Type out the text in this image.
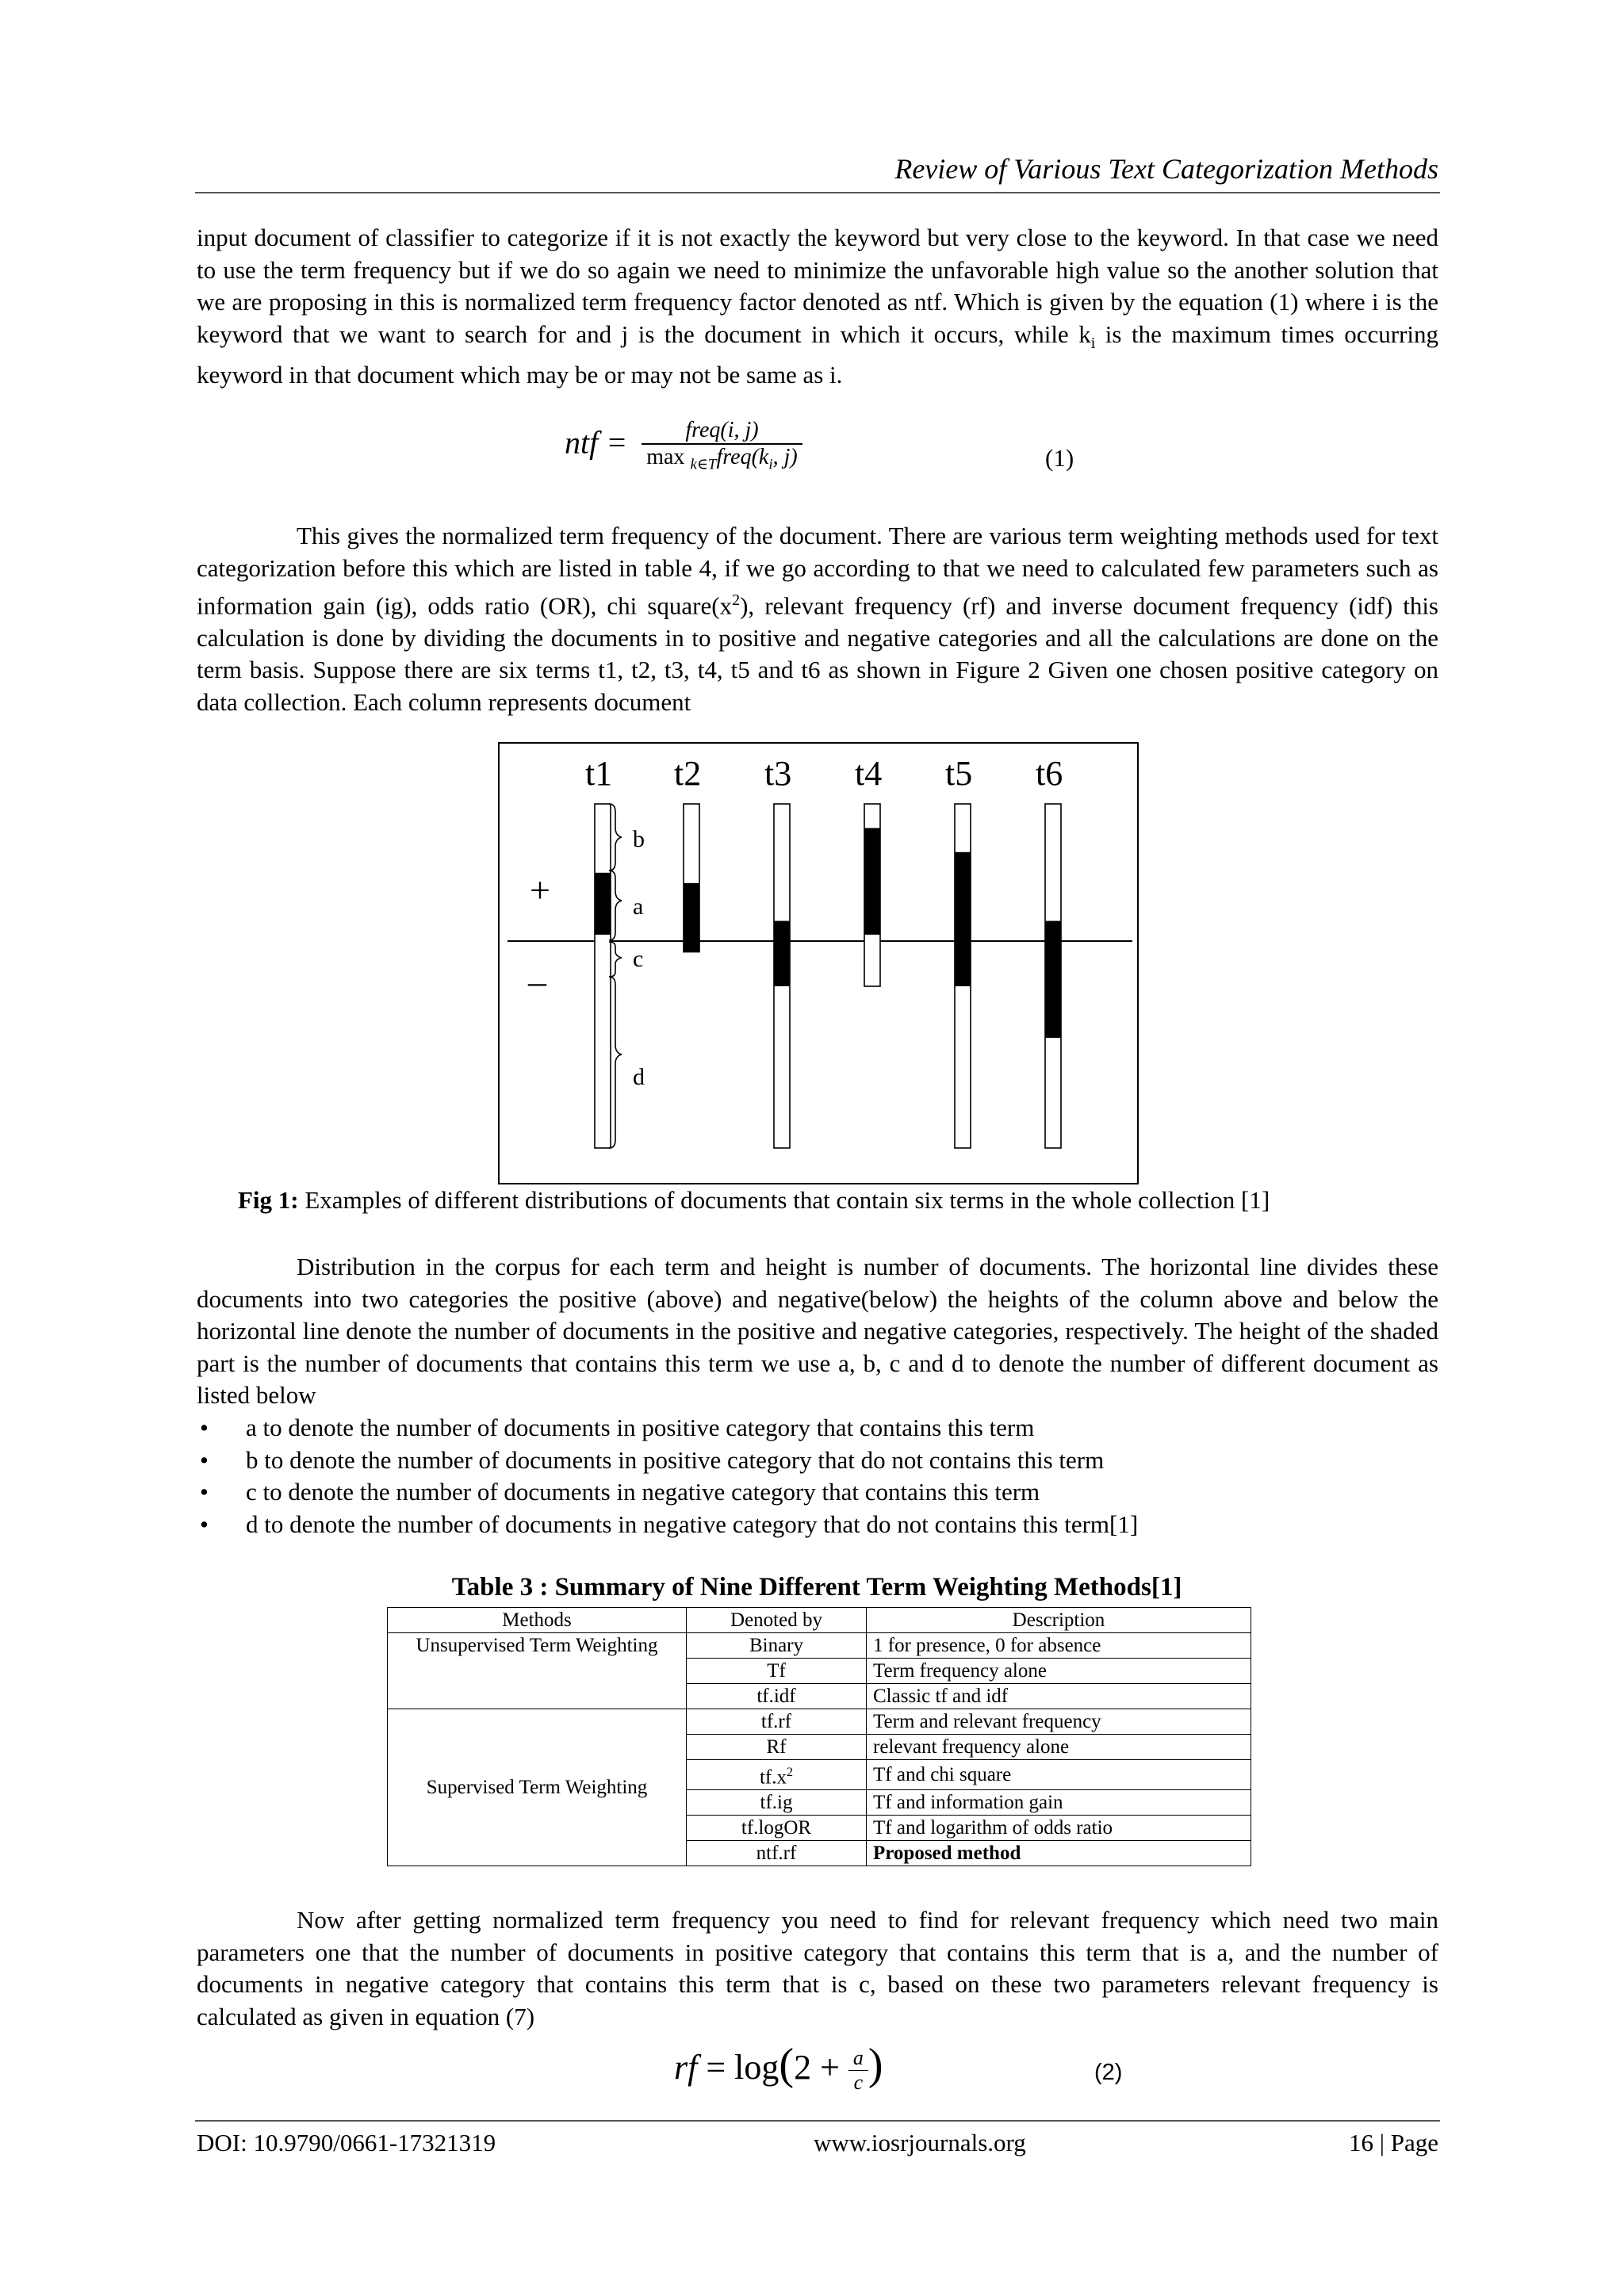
Review of Various Text Categorization Methods
input document of classifier to categorize if it is not exactly the keyword but very close to the keyword. In that case we need to use the term frequency but if we do so again we need to minimize the unfavorable high value so the another solution that we are proposing in this is normalized term frequency factor denoted as ntf. Which is given by the equation (1) where i is the keyword that we want to search for and j is the document in which it occurs, while $k_i$ is the maximum times occurring keyword in that document which may be or may not be same as i.
ntf = $\frac{\text{freq(i, j)}}{\max _{k\in T}freq(k_i, j)}$	(1)
This gives the normalized term frequency of the document. There are various term weighting methods used for text categorization before this which are listed in table 4, if we go according to that we need to calculated few parameters such as information gain (ig), odds ratio (OR), chi $square(x^2)$, relevant frequency (rf) and inverse document frequency (idf) this calculation is done by dividing the documents in to positive and negative categories and all the calculations are done on the term basis. Suppose there are six terms t1, t2, t3, t4, t5 and t6 as shown in Figure 2 Given one chosen positive category on data collection. Each column represents document
t1 t2 t3 t4 t5 t6
+
–
b
a
c
d
Fig 1: Examples of different distributions of documents that contain six terms in the whole collection [1]
Distribution in the corpus for each term and height is number of documents. The horizontal line divides these documents into two categories the positive (above) and negative(below) the heights of the column above and below the horizontal line denote the number of documents in the positive and negative categories, respectively. The height of the shaded part is the number of documents that contains this term we use a, b, c and d to denote the number of different document as listed below
• a to denote the number of documents in positive category that contains this term
• b to denote the number of documents in positive category that do not contains this term
• c to denote the number of documents in negative category that contains this term
• d to denote the number of documents in negative category that do not contains this term[1]
Table 3 : Summary of Nine Different Term Weighting Methods[1]
Methods	Denoted by	Description
Unsupervised Term Weighting	Binary	1 for presence, 0 for absence
	Tf	Term frequency alone
	tf.idf	Classic tf and idf
Supervised Term Weighting	tf.rf	Term and relevant frequency
	Rf	relevant frequency alone
	$tf.x^2$	Tf and chi square
	tf.ig	Tf and information gain
	tf.logOR	Tf and logarithm of odds ratio
	ntf.rf	Proposed method
Now after getting normalized term frequency you need to find for relevant frequency which need two main parameters one that the number of documents in positive category that contains this term that is a, and the number of documents in negative category that contains this term that is c, based on these two parameters relevant frequency is calculated as given in equation (7)
rf = $\log(2 + \frac{a}{c}$ )	(2)
DOI: 10.9790/0661-17321319	www.iosrjournals.org	16 | Page
